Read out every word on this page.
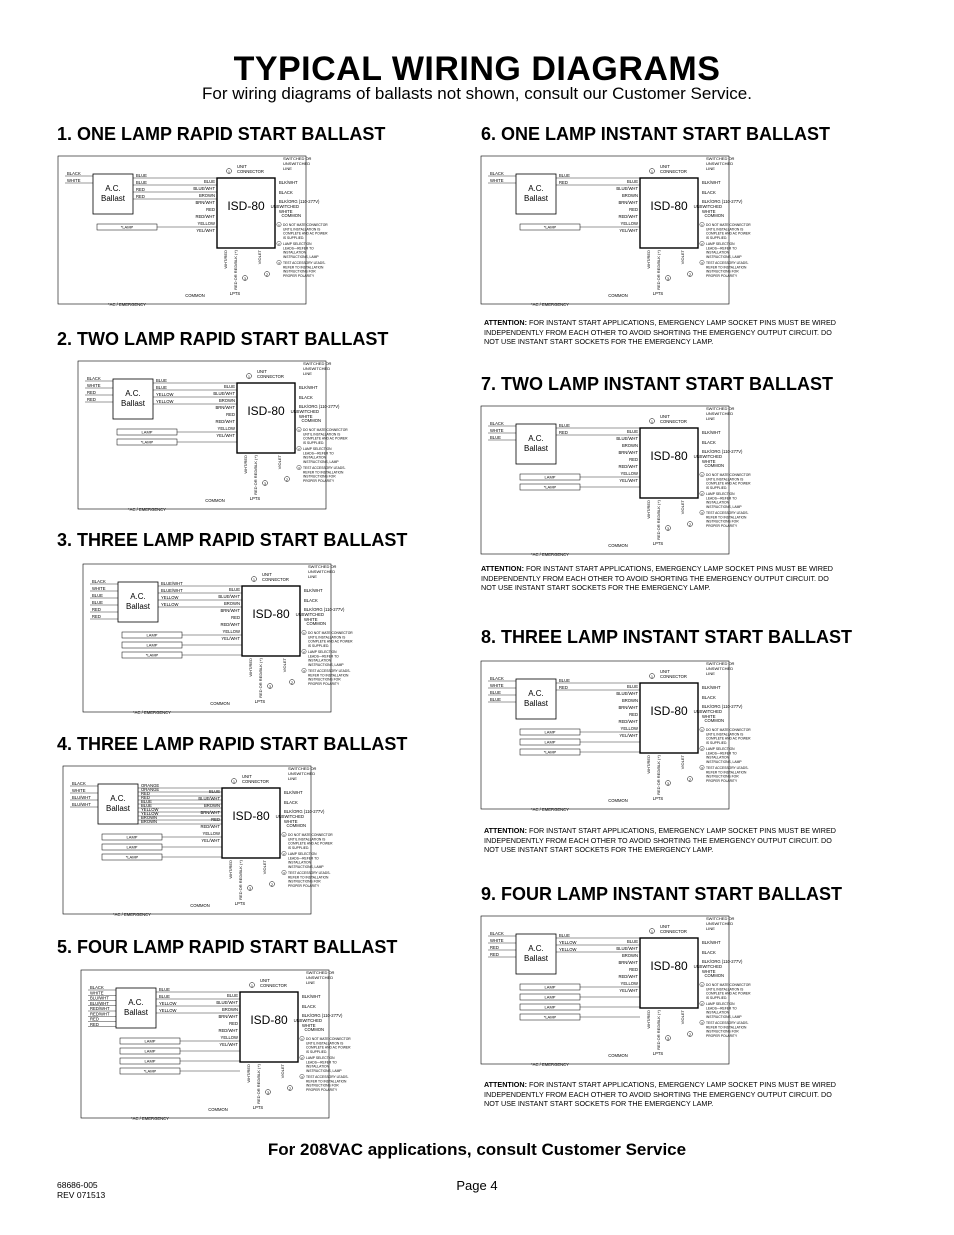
TYPICAL WIRING DIAGRAMS
For wiring diagrams of ballasts not shown, consult our Customer Service.
1. ONE LAMP RAPID START BALLAST
2. TWO LAMP RAPID START BALLAST
3. THREE LAMP RAPID START BALLAST
4. THREE LAMP RAPID START BALLAST
5. FOUR LAMP RAPID START BALLAST
6. ONE LAMP INSTANT START BALLAST
7. TWO LAMP INSTANT START BALLAST
8. THREE LAMP INSTANT START BALLAST
9. FOUR LAMP INSTANT START BALLAST
BLACK
WHITE
A.C.
Ballast
BLUE
BLUE
RED
RED
ISD-80
BLUE
BLUE/WHT
BROWN
BRN/WHT
RED
RED/WHT
YELLOW
YEL/WHT
1
UNIT
CONNECTOR
BLK/WHT
BLACK
BLK/ORG (110-277V)
WHITE
SWITCHED OR
UNSWITCHED
LINE
UNSWITCHED
COMMON
*LAMP
WHT/RED RED OR RED/BLK (+)	VIOLET
3
2
LPTS
COMMON
*AC / EMERGENCY
1 DO NOT MATE CONNECTOR
UNTIL INSTALLATION IS
COMPLETE AND AC POWER
IS SUPPLIED.
2 LAMP SELECTION
LEADS—REFER TO
INSTALLATION
INSTRUCTIONS, LAMP
3 TEST ACCESSORY LEADS-
REFER TO INSTALLATION
INSTRUCTIONS FOR
PROPER POLARITY
BLACK
WHITE
RED
RED
A.C.
Ballast
BLUE
BLUE
YELLOW
YELLOW
ISD-80
BLUE
BLUE/WHT
BROWN
BRN/WHT
RED
RED/WHT
YELLOW
YEL/WHT
1
UNIT
CONNECTOR
BLK/WHT
BLACK
BLK/ORG (110-277V)
WHITE
SWITCHED OR
UNSWITCHED
LINE
UNSWITCHED
COMMON
LAMP
*LAMP
WHT/RED RED OR RED/BLK (+)	VIOLET
3
2
LPTS
COMMON
*AC / EMERGENCY
1 DO NOT MATE CONNECTOR
UNTIL INSTALLATION IS
COMPLETE AND AC POWER
IS SUPPLIED.
2 LAMP SELECTION
LEADS—REFER TO
INSTALLATION
INSTRUCTIONS, LAMP
3 TEST ACCESSORY LEADS-
REFER TO INSTALLATION
INSTRUCTIONS FOR
PROPER POLARITY
BLACK
WHITE
BLUE
BLUE
RED
RED
A.C.
Ballast
BLUE/WHT
BLUE/WHT
YELLOW
YELLOW
ISD-80
BLUE
BLUE/WHT
BROWN
BRN/WHT
RED
RED/WHT
YELLOW
YEL/WHT
1
UNIT
CONNECTOR
BLK/WHT
BLACK
BLK/ORG (110-277V)
WHITE
SWITCHED OR
UNSWITCHED
LINE
UNSWITCHED
COMMON
LAMP
LAMP
*LAMP
WHT/RED RED OR RED/BLK (+)	VIOLET
3
2
LPTS
COMMON
*AC / EMERGENCY
1 DO NOT MATE CONNECTOR
UNTIL INSTALLATION IS
COMPLETE AND AC POWER
IS SUPPLIED.
2 LAMP SELECTION
LEADS—REFER TO
INSTALLATION
INSTRUCTIONS, LAMP
3 TEST ACCESSORY LEADS-
REFER TO INSTALLATION
INSTRUCTIONS FOR
PROPER POLARITY
BLACK
WHITE
BLU/WHT
BLU/WHT
A.C.
Ballast
ORANGE
ORANGE
RED
RED
BLUE
BLUE
YELLOW
YELLOW
BROWN
BROWN	ISD-80
BLUE
BLUE/WHT
BROWN
BRN/WHT
RED
RED/WHT
YELLOW
YEL/WHT
1
UNIT
CONNECTOR
BLK/WHT
BLACK
BLK/ORG (110-277V)
WHITE
SWITCHED OR
UNSWITCHED
LINE
UNSWITCHED
COMMON
LAMP
LAMP
*LAMP
WHT/RED RED OR RED/BLK (+)	VIOLET
3
2
LPTS
COMMON
*AC / EMERGENCY
1 DO NOT MATE CONNECTOR
UNTIL INSTALLATION IS
COMPLETE AND AC POWER
IS SUPPLIED.
2 LAMP SELECTION
LEADS—REFER TO
INSTALLATION
INSTRUCTIONS, LAMP
3 TEST ACCESSORY LEADS-
REFER TO INSTALLATION
INSTRUCTIONS FOR
PROPER POLARITY
BLACK
WHITE
BLU/WHT
BLU/WHT
RED/WHT
RED/WHT
RED
RED
A.C.
Ballast
BLUE
BLUE
YELLOW
YELLOW
ISD-80
BLUE
BLUE/WHT
BROWN
BRN/WHT
RED
RED/WHT
YELLOW
YEL/WHT
1
UNIT
CONNECTOR
BLK/WHT
BLACK
BLK/ORG (110-277V)
WHITE
SWITCHED OR
UNSWITCHED
LINE
UNSWITCHED
COMMON
LAMP
LAMP
LAMP
*LAMP	WHT/RED RED OR RED/BLK (+)	VIOLET
3
2
LPTS
COMMON
*AC / EMERGENCY
1 DO NOT MATE CONNECTOR
UNTIL INSTALLATION IS
COMPLETE AND AC POWER
IS SUPPLIED.
2 LAMP SELECTION
LEADS—REFER TO
INSTALLATION
INSTRUCTIONS, LAMP
3 TEST ACCESSORY LEADS-
REFER TO INSTALLATION
INSTRUCTIONS FOR
PROPER POLARITY
BLACK
WHITE
A.C.
Ballast
BLUE
RED
ISD-80
BLUE
BLUE/WHT
BROWN
BRN/WHT
RED
RED/WHT
YELLOW
YEL/WHT
1
UNIT
CONNECTOR
BLK/WHT
BLACK
BLK/ORG (110-277V)
WHITE
SWITCHED OR
UNSWITCHED
LINE
UNSWITCHED
COMMON
*LAMP
WHT/RED RED OR RED/BLK (+)	VIOLET
3
2
LPTS
COMMON
*AC / EMERGENCY
1 DO NOT MATE CONNECTOR
UNTIL INSTALLATION IS
COMPLETE AND AC POWER
IS SUPPLIED.
2 LAMP SELECTION
LEADS—REFER TO
INSTALLATION
INSTRUCTIONS, LAMP
3 TEST ACCESSORY LEADS-
REFER TO INSTALLATION
INSTRUCTIONS FOR
PROPER POLARITY
BLACK
WHITE
BLUE	A.C.
Ballast
BLUE
RED
ISD-80
BLUE
BLUE/WHT
BROWN
BRN/WHT
RED
RED/WHT
YELLOW
YEL/WHT
1
UNIT
CONNECTOR
BLK/WHT
BLACK
BLK/ORG (110-277V)
WHITE
SWITCHED OR
UNSWITCHED
LINE
UNSWITCHED
COMMON
LAMP
*LAMP
WHT/RED RED OR RED/BLK (+)	VIOLET
3
2
LPTS
COMMON
*AC / EMERGENCY
1 DO NOT MATE CONNECTOR
UNTIL INSTALLATION IS
COMPLETE AND AC POWER
IS SUPPLIED.
2 LAMP SELECTION
LEADS—REFER TO
INSTALLATION
INSTRUCTIONS, LAMP
3 TEST ACCESSORY LEADS-
REFER TO INSTALLATION
INSTRUCTIONS FOR
PROPER POLARITY
BLACK
WHITE
BLUE
BLUE
A.C.
Ballast
BLUE
RED
ISD-80
BLUE
BLUE/WHT
BROWN
BRN/WHT
RED
RED/WHT
YELLOW
YEL/WHT
1
UNIT
CONNECTOR
BLK/WHT
BLACK
BLK/ORG (110-277V)
WHITE
SWITCHED OR
UNSWITCHED
LINE
UNSWITCHED
COMMON
LAMP
LAMP
*LAMP
WHT/RED RED OR RED/BLK (+)	VIOLET
3
2
LPTS
COMMON
*AC / EMERGENCY
1 DO NOT MATE CONNECTOR
UNTIL INSTALLATION IS
COMPLETE AND AC POWER
IS SUPPLIED.
2 LAMP SELECTION
LEADS—REFER TO
INSTALLATION
INSTRUCTIONS, LAMP
3 TEST ACCESSORY LEADS-
REFER TO INSTALLATION
INSTRUCTIONS FOR
PROPER POLARITY
BLACK
WHITE
RED
RED
A.C.
Ballast
BLUE
YELLOW
YELLOW
ISD-80
BLUE
BLUE/WHT
BROWN
BRN/WHT
RED
RED/WHT
YELLOW
YEL/WHT
1
UNIT
CONNECTOR
BLK/WHT
BLACK
BLK/ORG (110-277V)
WHITE
SWITCHED OR
UNSWITCHED
LINE
UNSWITCHED
COMMON
LAMP
LAMP
LAMP
*LAMP	WHT/RED RED OR RED/BLK (+)	VIOLET
3
2
LPTS
COMMON
*AC / EMERGENCY
1 DO NOT MATE CONNECTOR
UNTIL INSTALLATION IS
COMPLETE AND AC POWER
IS SUPPLIED.
2 LAMP SELECTION
LEADS—REFER TO
INSTALLATION
INSTRUCTIONS, LAMP
3 TEST ACCESSORY LEADS-
REFER TO INSTALLATION
INSTRUCTIONS FOR
PROPER POLARITY
ATTENTION: FOR INSTANT START APPLICATIONS, EMERGENCY LAMP SOCKET PINS MUST BE WIRED INDEPENDENTLY FROM EACH OTHER TO AVOID SHORTING THE EMERGENCY OUTPUT CIRCUIT. DO NOT USE INSTANT START SOCKETS FOR THE EMERGENCY LAMP.
ATTENTION: FOR INSTANT START APPLICATIONS, EMERGENCY LAMP SOCKET PINS MUST BE WIRED INDEPENDENTLY FROM EACH OTHER TO AVOID SHORTING THE EMERGENCY OUTPUT CIRCUIT. DO NOT USE INSTANT START SOCKETS FOR THE EMERGENCY LAMP.
ATTENTION: FOR INSTANT START APPLICATIONS, EMERGENCY LAMP SOCKET PINS MUST BE WIRED INDEPENDENTLY FROM EACH OTHER TO AVOID SHORTING THE EMERGENCY OUTPUT CIRCUIT. DO NOT USE INSTANT START SOCKETS FOR THE EMERGENCY LAMP.
ATTENTION: FOR INSTANT START APPLICATIONS, EMERGENCY LAMP SOCKET PINS MUST BE WIRED INDEPENDENTLY FROM EACH OTHER TO AVOID SHORTING THE EMERGENCY OUTPUT CIRCUIT. DO NOT USE INSTANT START SOCKETS FOR THE EMERGENCY LAMP.
For 208VAC applications, consult Customer Service
Page 4
68686-005
REV 071513
